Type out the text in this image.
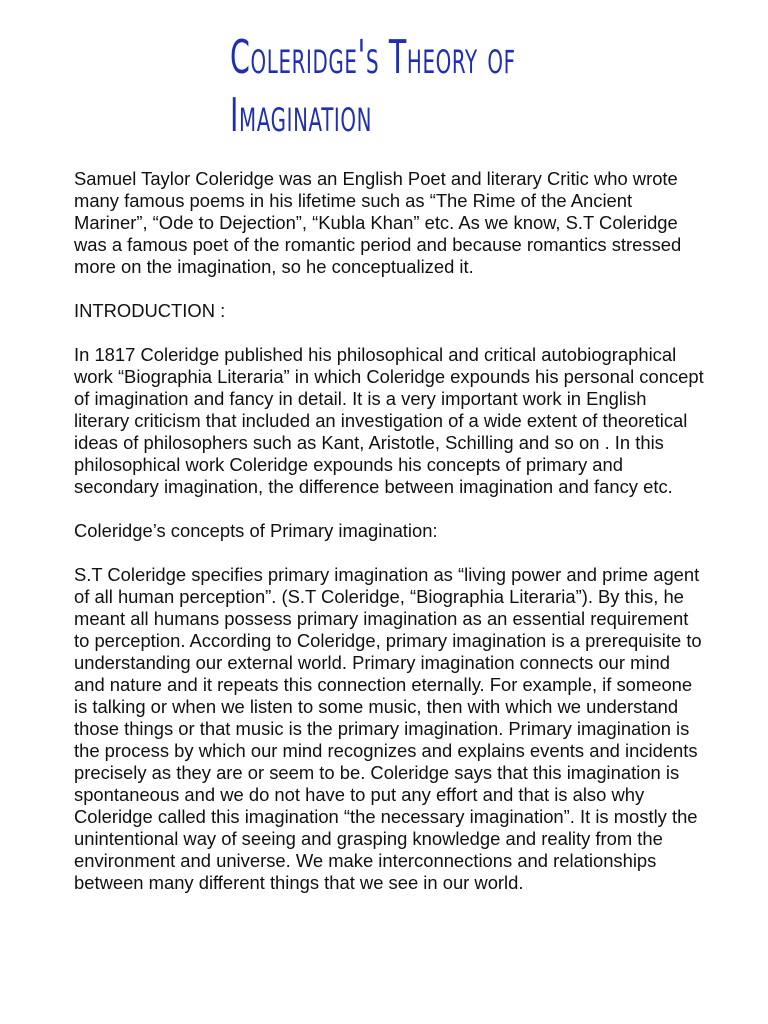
Coleridge's Theory of
Imagination

Samuel Taylor Coleridge was an English Poet and literary Critic who wrote many famous poems in his lifetime such as “The Rime of the Ancient Mariner”, “Ode to Dejection”, “Kubla Khan” etc. As we know, S.T Coleridge was a famous poet of the romantic period and because romantics stressed more on the imagination, so he conceptualized it.

INTRODUCTION :

In 1817 Coleridge published his philosophical and critical autobiographical work “Biographia Literaria” in which Coleridge expounds his personal concept of imagination and fancy in detail. It is a very important work in English literary criticism that included an investigation of a wide extent of theoretical ideas of philosophers such as Kant, Aristotle, Schilling and so on . In this philosophical work Coleridge expounds his concepts of primary and secondary imagination, the difference between imagination and fancy etc.

Coleridge’s concepts of Primary imagination:

S.T Coleridge specifies primary imagination as “living power and prime agent of all human perception”. (S.T Coleridge, “Biographia Literaria”). By this, he meant all humans possess primary imagination as an essential requirement to perception. According to Coleridge, primary imagination is a prerequisite to understanding our external world. Primary imagination connects our mind and nature and it repeats this connection eternally. For example, if someone is talking or when we listen to some music, then with which we understand those things or that music is the primary imagination. Primary imagination is the process by which our mind recognizes and explains events and incidents precisely as they are or seem to be. Coleridge says that this imagination is spontaneous and we do not have to put any effort and that is also why Coleridge called this imagination “the necessary imagination”. It is mostly the unintentional way of seeing and grasping knowledge and reality from the environment and universe. We make interconnections and relationships between many different things that we see in our world.
